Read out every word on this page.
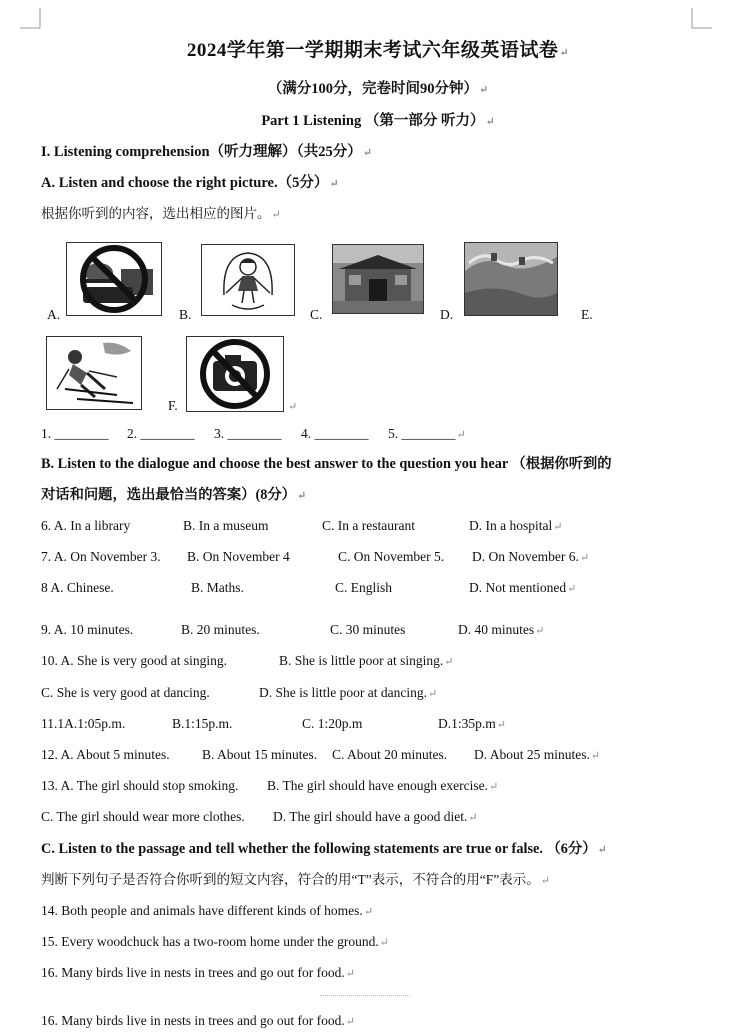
2024学年第一学期期末考试六年级英语试卷↵
（满分100分，完卷时间90分钟）↵
Part 1 Listening （第一部分 听力）↵
I. Listening comprehension（听力理解）（共25分）↵
A. Listen and choose the right picture.（5分）↵
根据你听到的内容，选出相应的图片。↵
A.	B.	C.	D.	E.
F.	↵
1. ________ 2. ________ 3. ________ 4. ________ 5. ________↵
B. Listen to the dialogue and choose the best answer to the question you hear （根据你听到的
对话和问题，选出最恰当的答案）(8分）↵
6. A. In a library	B. In a museum	C. In a restaurant	D. In a hospital↵
7. A. On November 3. B. On November 4	C. On November 5. D. On November 6.↵
8 A. Chinese.	B. Maths.	C. English	D. Not mentioned↵
9. A. 10 minutes.	B. 20 minutes.	C. 30 minutes	D. 40 minutes↵
10. A. She is very good at singing.	B. She is little poor at singing.↵
C. She is very good at dancing.	D. She is little poor at dancing.↵
11.1A.1:05p.m.	B.1:15p.m.	C. 1:20p.m	D.1:35p.m↵
12. A. About 5 minutes. B. About 15 minutes. C. About 20 minutes. D. About 25 minutes.↵
13. A. The girl should stop smoking. B. The girl should have enough exercise.↵
C. The girl should wear more clothes. D. The girl should have a good diet.↵
C. Listen to the passage and tell whether the following statements are true or false. （6分）↵
判断下列句子是否符合你听到的短文内容，符合的用“T”表示，不符合的用“F”表示。↵
14. Both people and animals have different kinds of homes.↵
15. Every woodchuck has a two-room home under the ground.↵
16. Many birds live in nests in trees and go out for food.↵
16. Many birds live in nests in trees and go out for food.↵
